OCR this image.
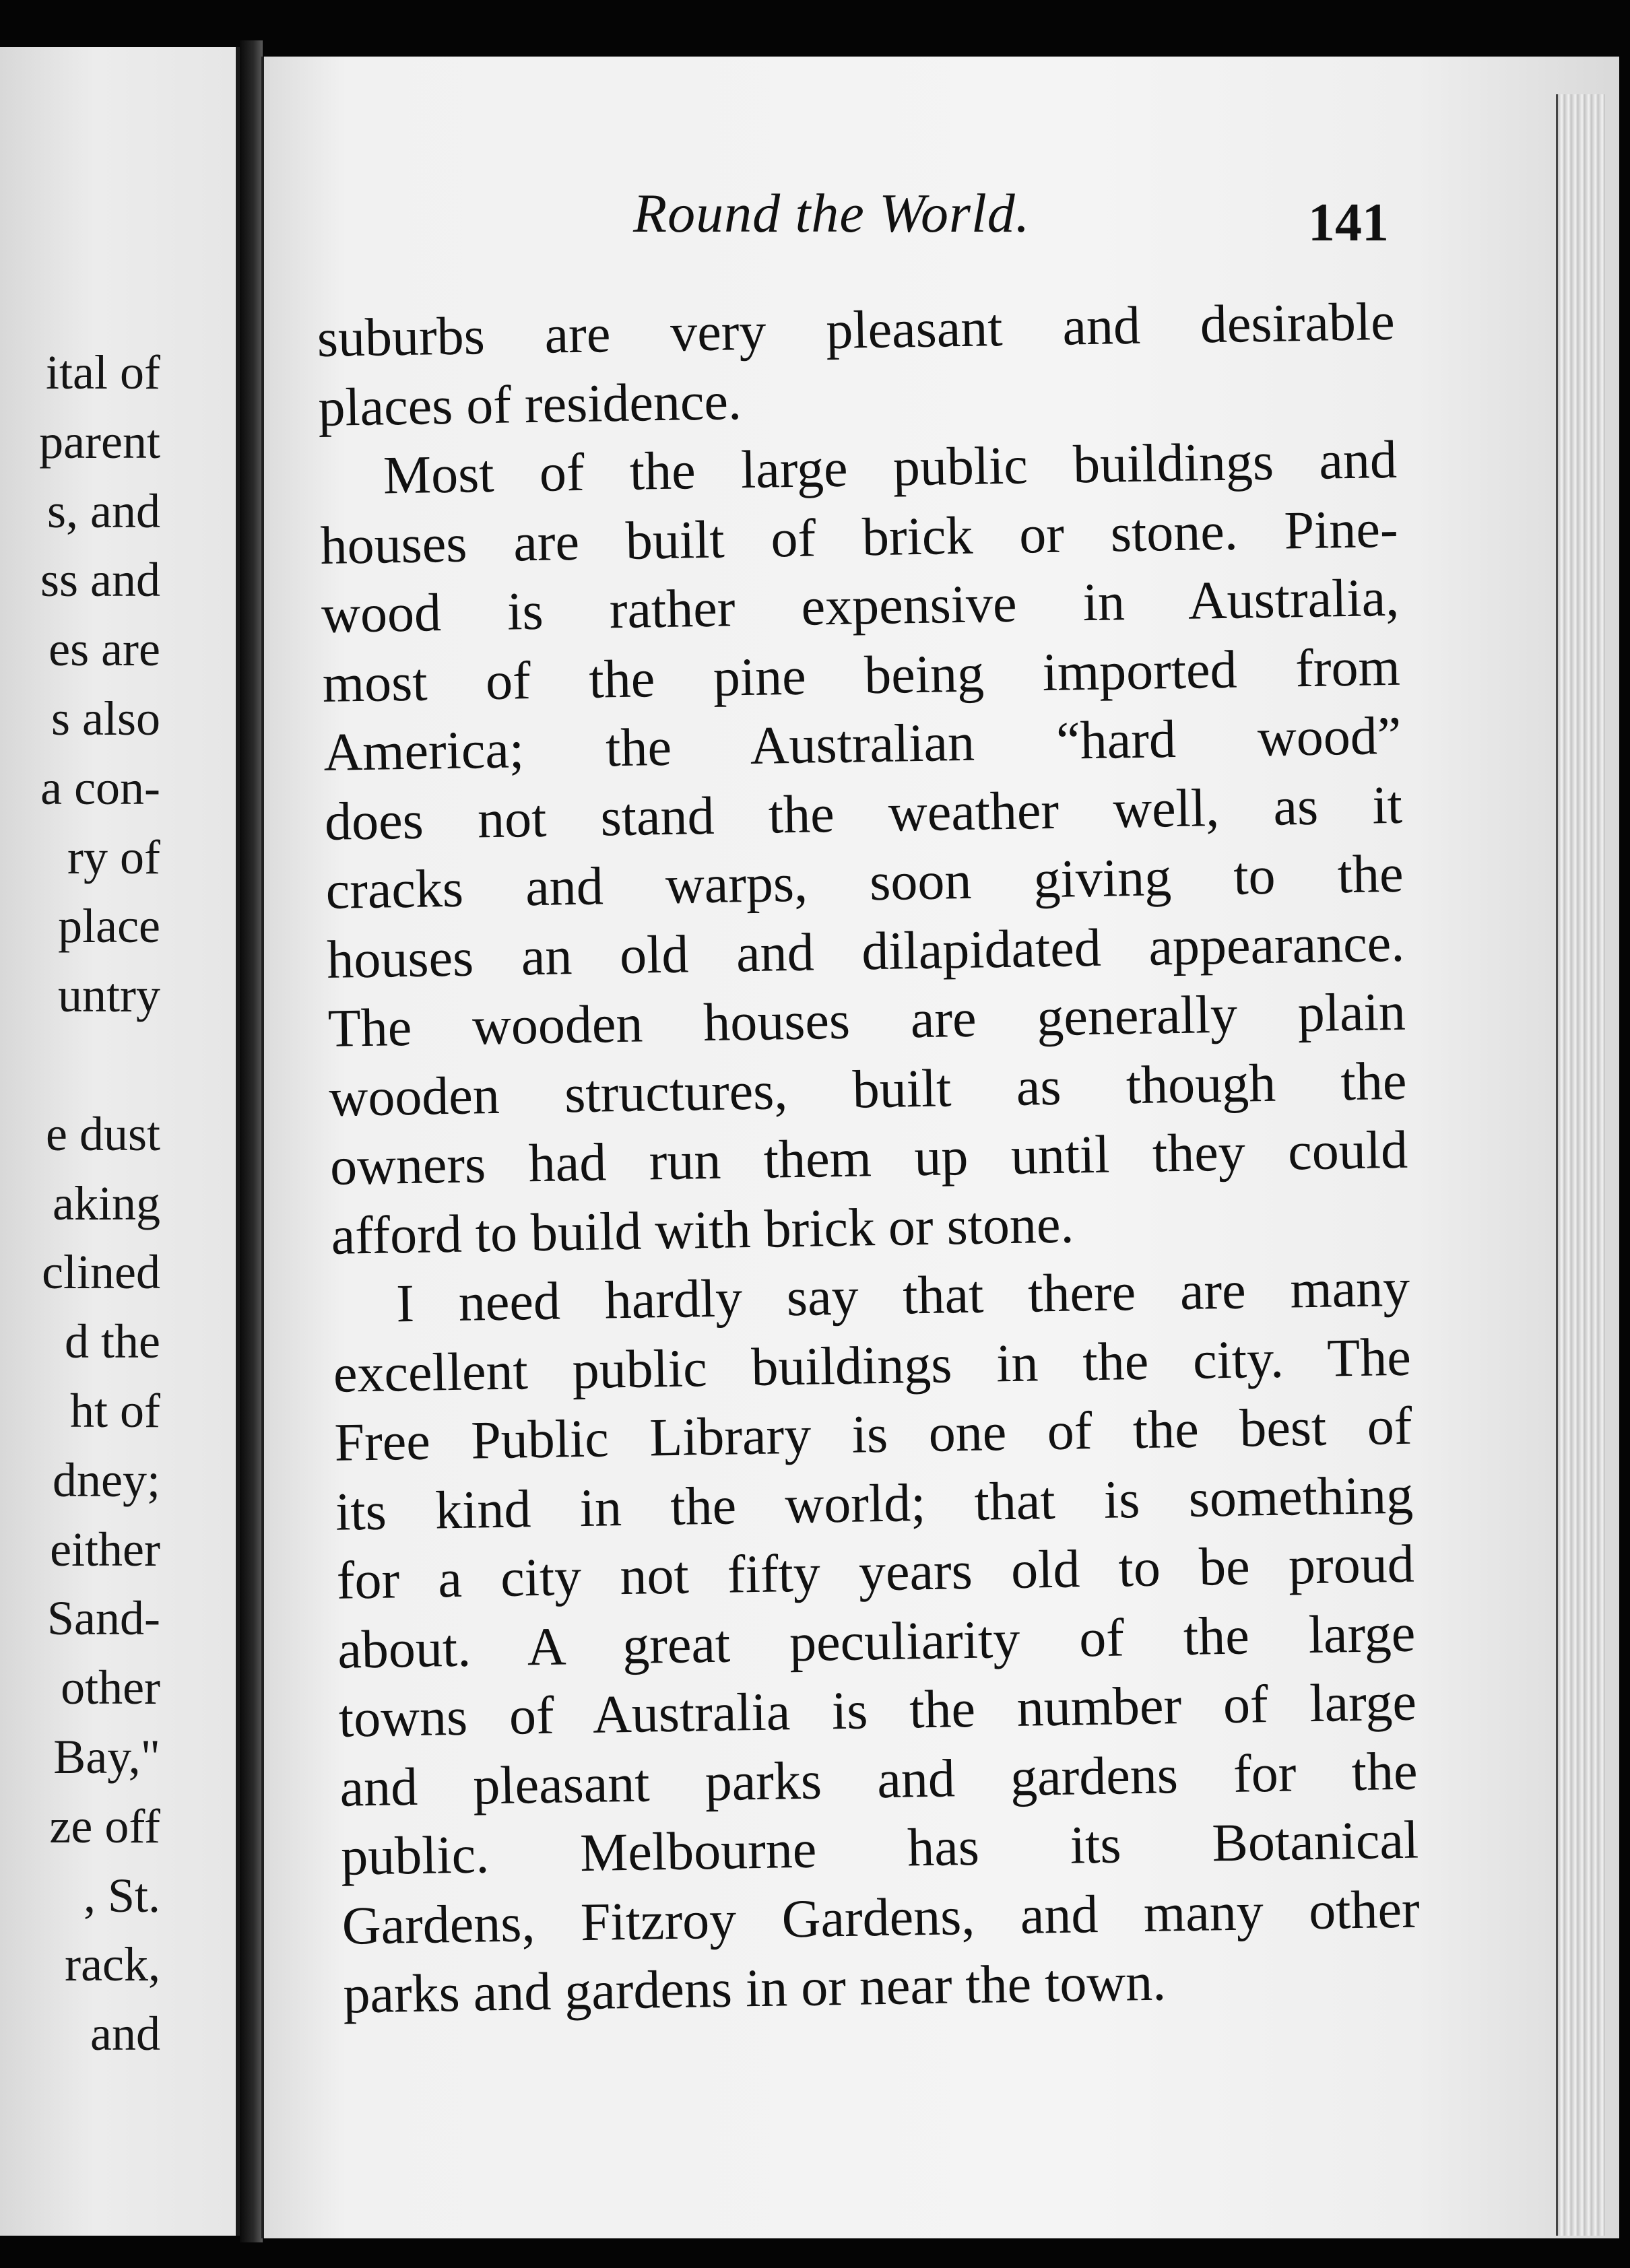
ital of
parent
s, and
ss and
es are
s also
a con-
ry of
place
untry

e dust
aking
clined
d the
ht of
dney;
either
Sand-
other
Bay,"
ze off
, St.
rack,
and
Round the World.	141
suburbs are very pleasant and desirable
places of residence.
Most of the large public buildings and
houses are built of brick or stone. Pine-
wood is rather expensive in Australia,
most of the pine being imported from
America; the Australian “hard wood”
does not stand the weather well, as it
cracks and warps, soon giving to the
houses an old and dilapidated appearance.
The wooden houses are generally plain
wooden structures, built as though the
owners had run them up until they could
afford to build with brick or stone.
I need hardly say that there are many
excellent public buildings in the city. The
Free Public Library is one of the best of
its kind in the world; that is something
for a city not fifty years old to be proud
about. A great peculiarity of the large
towns of Australia is the number of large
and pleasant parks and gardens for the
public. Melbourne has its Botanical
Gardens, Fitzroy Gardens, and many other
parks and gardens in or near the town.
